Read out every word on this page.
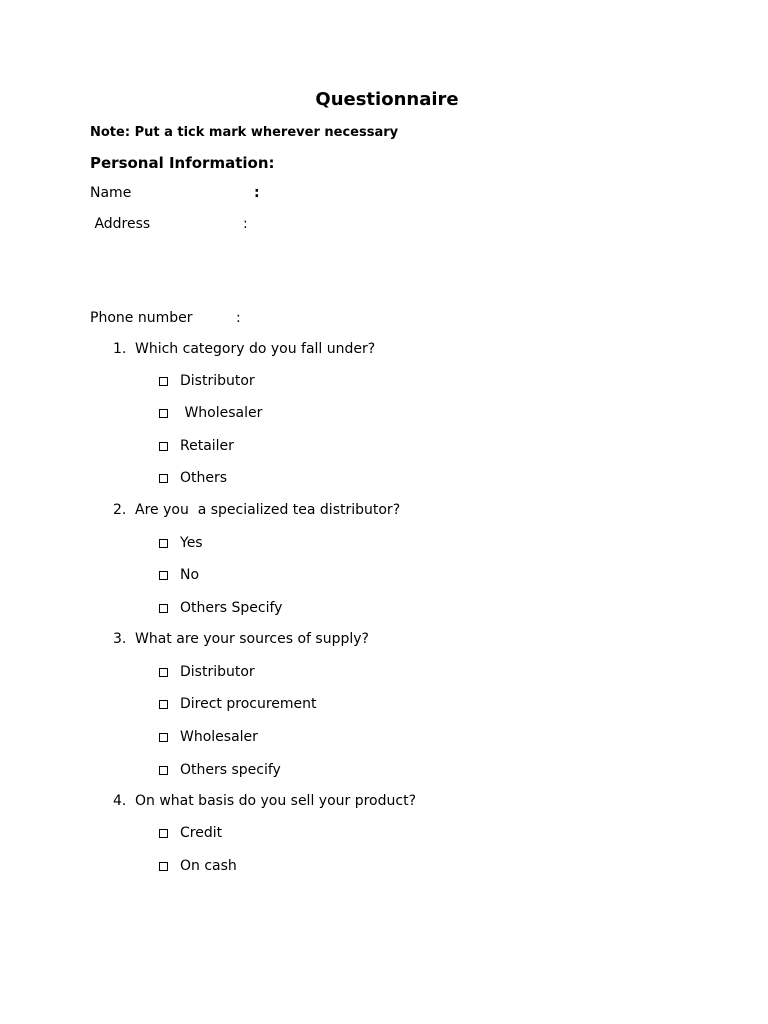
Questionnaire
Note: Put a tick mark wherever necessary
Personal Information:
Name	:
Address	:
Phone number	:
1. Which category do you fall under?
Distributor
Wholesaler
Retailer
Others
2. Are you  a specialized tea distributor?
Yes
No
Others Specify
3. What are your sources of supply?
Distributor
Direct procurement
Wholesaler
Others specify
4. On what basis do you sell your product?
Credit
On cash
